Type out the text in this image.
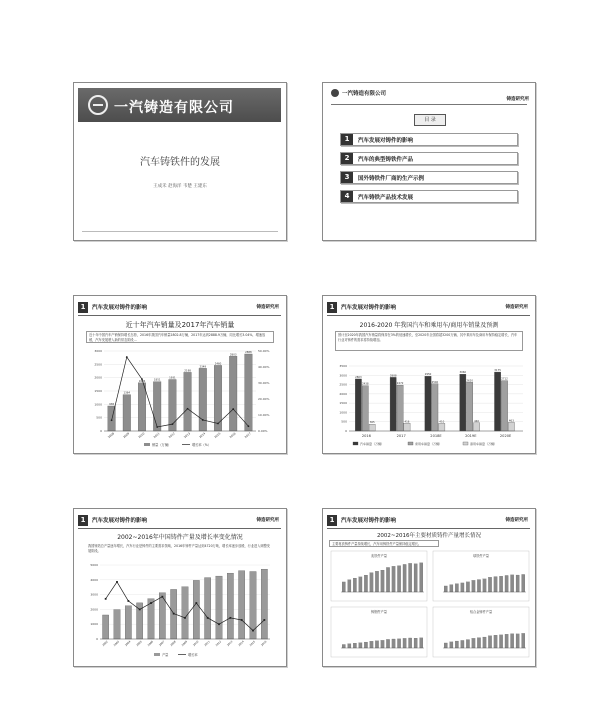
一汽铸造有限公司
汽车铸铁件的发展
王成禾 赵海洋 韦楚 王建东
一汽铸造有限公司
铸造研究所
目 录
1	汽车发展对铸件的影响
2	汽车的典型铸铁件产品
3	国外铸铁件厂商的生产示例
4	汽车铸铁产品技术发展
1	汽车发展对铸件的影响	铸造研究所
近十年汽车销量及2017年汽车销量
近十年中国汽车产销保持增长态势，2016年我国汽车销量2802.8万辆，2017年达到2888.9万辆，同比增长3.04%，增速放缓，汽车发展驶入新的常态阶段...
0
500
1000
1500
2000
2500
3000
0.00%
10.00%
20.00%
30.00%
40.00%
50.00%
938
2008
1364
2009
1806
2010
1851
2011
1931
2012
2198
2013
2349
2014
2460
2015
2803
2016
2888
2017
销量（万辆）	增长率（%）
1	汽车发展对铸件的影响	铸造研究所
2016-2020 年我国汽车和乘用车/商用车销量及预测
预计至2020年我国汽车销量将保持在3%的低速增长，至2020年全国将超3200万辆，其中乘用车及商用车保持稳定增长，汽车行业对铸件的需求将持续增加。
0
500
1000
1500
2000
2500
3000
3500
2803
2438
365
2016
2888
2472
416
2017
2950
2540
410
2018E
3060
2620
440
2019E
3175
2712
463
2020E
汽车销量（万辆）	乘用车销量（万辆）	商用车销量（万辆）
1	汽车发展对铸件的影响	铸造研究所
2002~2016年中国铸件产量及增长率变化情况
我国铸造总产量逐年增长，汽车行业是铸件的主要需求领域，2016年铸件产量达到4720万吨，增长率逐步放缓，行业进入调整发展阶段。
0
1000
2000
3000
4000
5000
2002 2003 2004 2005 2006 2007 2008 2009 2010 2011 2012 2013 2014 2015 2016
产量	增长率
1	汽车发展对铸件的影响	铸造研究所
2002~2016年主要材质铸件产量增长情况
主要材质铸件产量持续增长，汽车用铸铁件产量保持稳定增长。
灰铁件产量	球铁件产量
铸钢件产量	铝合金铸件产量
